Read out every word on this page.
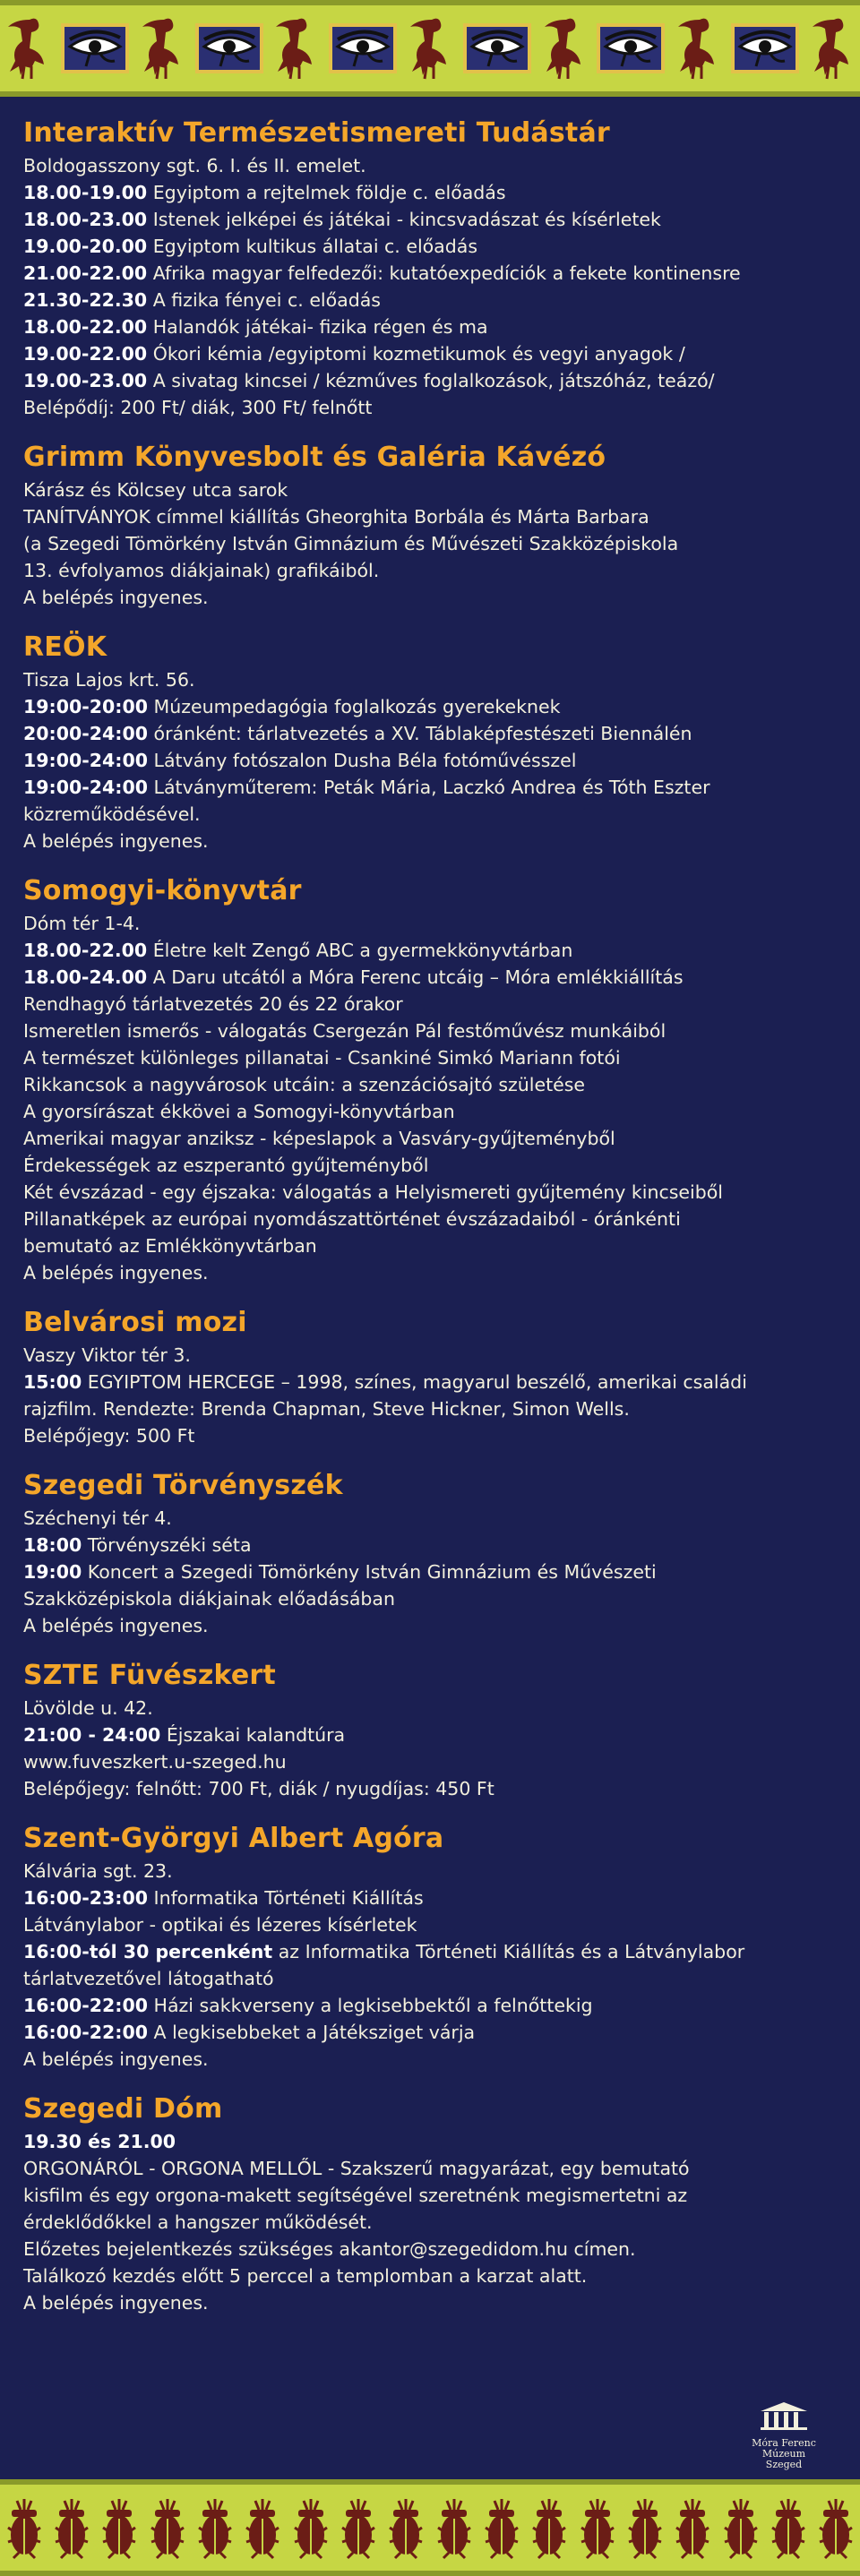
Interaktív Természetismereti Tudástár

Boldogasszony sgt. 6. I. és II. emelet.

18.00-19.00 Egyiptom a rejtelmek földje c. előadás

18.00-23.00 Istenek jelképei és játékai - kincsvadászat és kísérletek

19.00-20.00 Egyiptom kultikus állatai c. előadás

21.00-22.00 Afrika magyar felfedezői: kutatóexpedíciók a fekete kontinensre

21.30-22.30 A fizika fényei c. előadás

18.00-22.00 Halandók játékai- fizika régen és ma

19.00-22.00 Ókori kémia /egyiptomi kozmetikumok és vegyi anyagok /

19.00-23.00 A sivatag kincsei / kézműves foglalkozások, játszóház, teázó/

Belépődíj: 200 Ft/ diák, 300 Ft/ felnőtt

Grimm Könyvesbolt és Galéria Kávézó

Kárász és Kölcsey utca sarok

TANÍTVÁNYOK címmel kiállítás Gheorghita Borbála és Márta Barbara

(a Szegedi Tömörkény István Gimnázium és Művészeti Szakközépiskola

13. évfolyamos diákjainak) grafikáiból.

A belépés ingyenes.

REÖK

Tisza Lajos krt. 56.

19:00-20:00 Múzeumpedagógia foglalkozás gyerekeknek

20:00-24:00 óránként: tárlatvezetés a XV. Táblaképfestészeti Biennálén

19:00-24:00 Látvány fotószalon Dusha Béla fotóművésszel

19:00-24:00 Látványműterem: Peták Mária, Laczkó Andrea és Tóth Eszter

közreműködésével.

A belépés ingyenes.

Somogyi-könyvtár

Dóm tér 1-4.

18.00-22.00 Életre kelt Zengő ABC a gyermekkönyvtárban

18.00-24.00 A Daru utcától a Móra Ferenc utcáig – Móra emlékkiállítás

Rendhagyó tárlatvezetés 20 és 22 órakor

Ismeretlen ismerős - válogatás Csergezán Pál festőművész munkáiból

A természet különleges pillanatai - Csankiné Simkó Mariann fotói

Rikkancsok a nagyvárosok utcáin: a szenzációsajtó születése

A gyorsírászat ékkövei a Somogyi-könyvtárban

Amerikai magyar anziksz - képeslapok a Vasváry-gyűjteményből

Érdekességek az eszperantó gyűjteményből

Két évszázad - egy éjszaka: válogatás a Helyismereti gyűjtemény kincseiből

Pillanatképek az európai nyomdászattörténet évszázadaiból - óránkénti

bemutató az Emlékkönyvtárban

A belépés ingyenes.

Belvárosi mozi

Vaszy Viktor tér 3.

15:00 EGYIPTOM HERCEGE – 1998, színes, magyarul beszélő, amerikai családi

rajzfilm. Rendezte: Brenda Chapman, Steve Hickner, Simon Wells.

Belépőjegy: 500 Ft

Szegedi Törvényszék

Széchenyi tér 4.

18:00 Törvényszéki séta

19:00 Koncert a Szegedi Tömörkény István Gimnázium és Művészeti

Szakközépiskola diákjainak előadásában

A belépés ingyenes.

SZTE Füvészkert

Lövölde u. 42.

21:00 - 24:00 Éjszakai kalandtúra

www.fuveszkert.u-szeged.hu

Belépőjegy: felnőtt: 700 Ft, diák / nyugdíjas: 450 Ft

Szent-Györgyi Albert Agóra

Kálvária sgt. 23.

16:00-23:00 Informatika Történeti Kiállítás

Látványlabor - optikai és lézeres kísérletek

16:00-tól 30 percenként az Informatika Történeti Kiállítás és a Látványlabor

tárlatvezetővel látogatható

16:00-22:00 Házi sakkverseny a legkisebbektől a felnőttekig

16:00-22:00 A legkisebbeket a Játéksziget várja

A belépés ingyenes.

Szegedi Dóm

19.30 és 21.00

ORGONÁRÓL - ORGONA MELLŐL - Szakszerű magyarázat, egy bemutató

kisfilm és egy orgona-makett segítségével szeretnénk megismertetni az

érdeklődőkkel a hangszer működését.

Előzetes bejelentkezés szükséges akantor@szegedidom.hu címen.

Találkozó kezdés előtt 5 perccel a templomban a karzat alatt.

A belépés ingyenes.

Móra Ferenc Múzeum
Szeged
